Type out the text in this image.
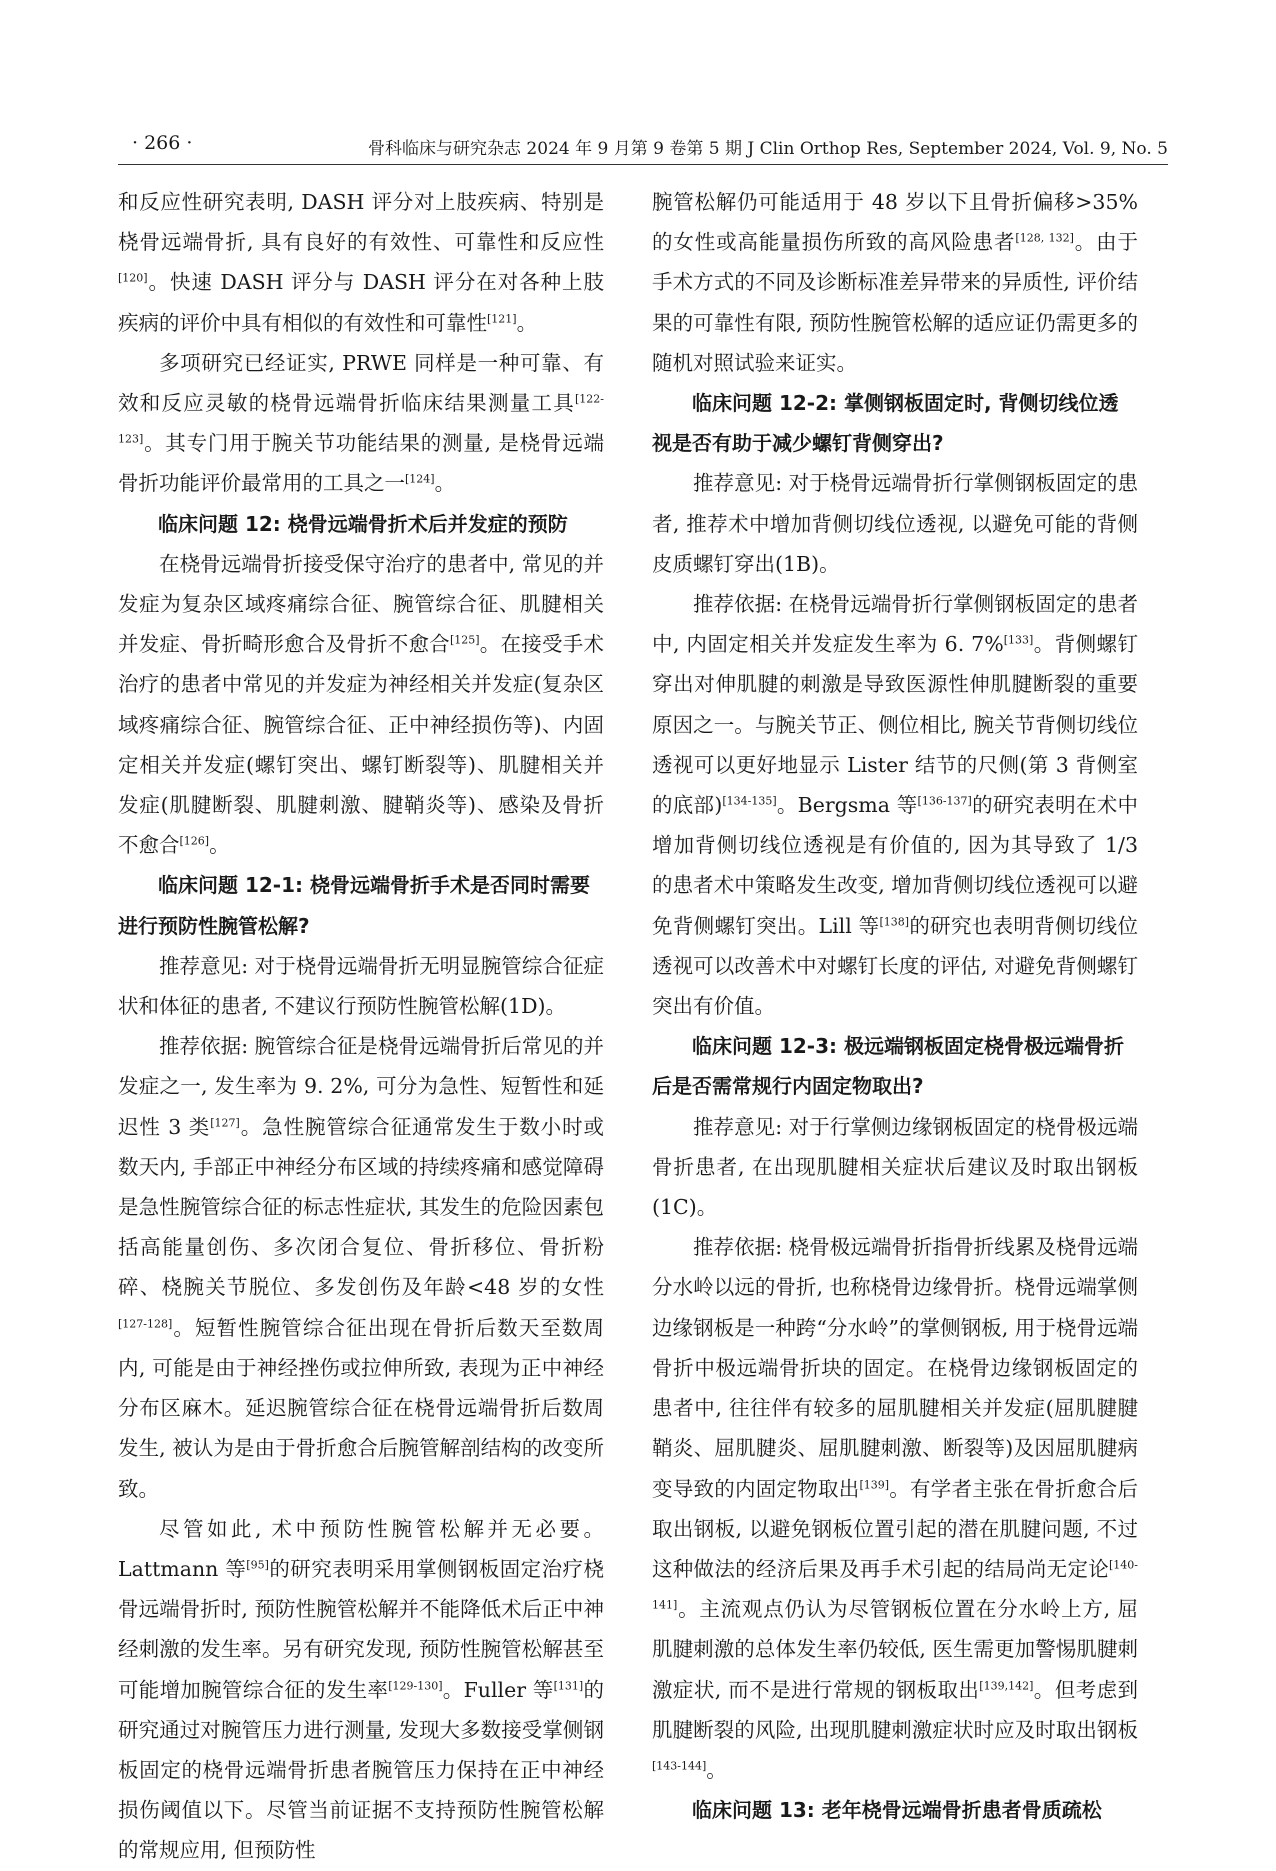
· 266 ·	骨科临床与研究杂志 2024 年 9 月第 9 卷第 5 期 J Clin Orthop Res, September 2024, Vol. 9, No. 5

和反应性研究表明, DASH 评分对上肢疾病、特别是桡骨远端骨折, 具有良好的有效性、可靠性和反应性[120]。快速 DASH 评分与 DASH 评分在对各种上肢疾病的评价中具有相似的有效性和可靠性[121]。

多项研究已经证实, PRWE 同样是一种可靠、有效和反应灵敏的桡骨远端骨折临床结果测量工具[122-123]。其专门用于腕关节功能结果的测量, 是桡骨远端骨折功能评价最常用的工具之一[124]。

临床问题 12: 桡骨远端骨折术后并发症的预防

在桡骨远端骨折接受保守治疗的患者中, 常见的并发症为复杂区域疼痛综合征、腕管综合征、肌腱相关并发症、骨折畸形愈合及骨折不愈合[125]。在接受手术治疗的患者中常见的并发症为神经相关并发症(复杂区域疼痛综合征、腕管综合征、正中神经损伤等)、内固定相关并发症(螺钉突出、螺钉断裂等)、肌腱相关并发症(肌腱断裂、肌腱刺激、腱鞘炎等)、感染及骨折不愈合[126]。

临床问题 12-1: 桡骨远端骨折手术是否同时需要进行预防性腕管松解?

推荐意见: 对于桡骨远端骨折无明显腕管综合征症状和体征的患者, 不建议行预防性腕管松解(1D)。

推荐依据: 腕管综合征是桡骨远端骨折后常见的并发症之一, 发生率为 9. 2%, 可分为急性、短暂性和延迟性 3 类[127]。急性腕管综合征通常发生于数小时或数天内, 手部正中神经分布区域的持续疼痛和感觉障碍是急性腕管综合征的标志性症状, 其发生的危险因素包括高能量创伤、多次闭合复位、骨折移位、骨折粉碎、桡腕关节脱位、多发创伤及年龄<48 岁的女性[127-128]。短暂性腕管综合征出现在骨折后数天至数周内, 可能是由于神经挫伤或拉伸所致, 表现为正中神经分布区麻木。延迟腕管综合征在桡骨远端骨折后数周发生, 被认为是由于骨折愈合后腕管解剖结构的改变所致。

尽管如此, 术中预防性腕管松解并无必要。Lattmann 等[95]的研究表明采用掌侧钢板固定治疗桡骨远端骨折时, 预防性腕管松解并不能降低术后正中神经刺激的发生率。另有研究发现, 预防性腕管松解甚至可能增加腕管综合征的发生率[129-130]。Fuller 等[131]的研究通过对腕管压力进行测量, 发现大多数接受掌侧钢板固定的桡骨远端骨折患者腕管压力保持在正中神经损伤阈值以下。尽管当前证据不支持预防性腕管松解的常规应用, 但预防性

腕管松解仍可能适用于 48 岁以下且骨折偏移>35% 的女性或高能量损伤所致的高风险患者[128, 132]。由于手术方式的不同及诊断标准差异带来的异质性, 评价结果的可靠性有限, 预防性腕管松解的适应证仍需更多的随机对照试验来证实。

临床问题 12-2: 掌侧钢板固定时, 背侧切线位透视是否有助于减少螺钉背侧穿出?

推荐意见: 对于桡骨远端骨折行掌侧钢板固定的患者, 推荐术中增加背侧切线位透视, 以避免可能的背侧皮质螺钉穿出(1B)。

推荐依据: 在桡骨远端骨折行掌侧钢板固定的患者中, 内固定相关并发症发生率为 6. 7%[133]。背侧螺钉穿出对伸肌腱的刺激是导致医源性伸肌腱断裂的重要原因之一。与腕关节正、侧位相比, 腕关节背侧切线位透视可以更好地显示 Lister 结节的尺侧(第 3 背侧室的底部)[134-135]。Bergsma 等[136-137]的研究表明在术中增加背侧切线位透视是有价值的, 因为其导致了 1/3 的患者术中策略发生改变, 增加背侧切线位透视可以避免背侧螺钉突出。Lill 等[138]的研究也表明背侧切线位透视可以改善术中对螺钉长度的评估, 对避免背侧螺钉突出有价值。

临床问题 12-3: 极远端钢板固定桡骨极远端骨折后是否需常规行内固定物取出?

推荐意见: 对于行掌侧边缘钢板固定的桡骨极远端骨折患者, 在出现肌腱相关症状后建议及时取出钢板(1C)。

推荐依据: 桡骨极远端骨折指骨折线累及桡骨远端分水岭以远的骨折, 也称桡骨边缘骨折。桡骨远端掌侧边缘钢板是一种跨“分水岭”的掌侧钢板, 用于桡骨远端骨折中极远端骨折块的固定。在桡骨边缘钢板固定的患者中, 往往伴有较多的屈肌腱相关并发症(屈肌腱腱鞘炎、屈肌腱炎、屈肌腱刺激、断裂等)及因屈肌腱病变导致的内固定物取出[139]。有学者主张在骨折愈合后取出钢板, 以避免钢板位置引起的潜在肌腱问题, 不过这种做法的经济后果及再手术引起的结局尚无定论[140-141]。主流观点仍认为尽管钢板位置在分水岭上方, 屈肌腱刺激的总体发生率仍较低, 医生需更加警惕肌腱刺激症状, 而不是进行常规的钢板取出[139,142]。但考虑到肌腱断裂的风险, 出现肌腱刺激症状时应及时取出钢板[143-144]。

临床问题 13: 老年桡骨远端骨折患者骨质疏松
